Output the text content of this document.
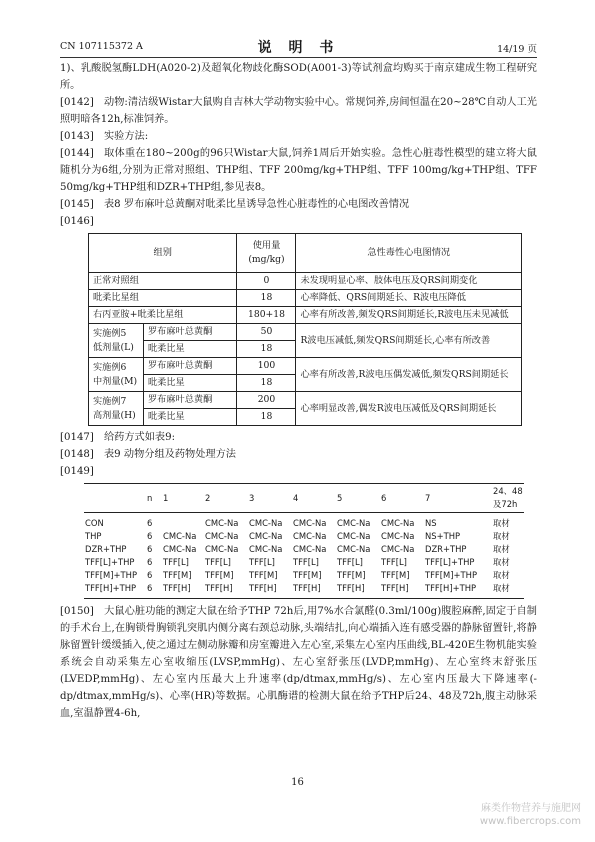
CN 107115372 A	说 明 书	14/19 页

1)、乳酸脱氢酶LDH(A020-2)及超氧化物歧化酶SOD(A001-3)等试剂盒均购买于南京建成生物工程研究所。

[0142] 动物:清洁级Wistar大鼠购自吉林大学动物实验中心。常规饲养,房间恒温在20~28℃自动人工光照明暗各12h,标准饲养。

[0143] 实验方法:

[0144] 取体重在180~200g的96只Wistar大鼠,饲养1周后开始实验。急性心脏毒性模型的建立将大鼠随机分为6组,分别为正常对照组、THP组、TFF 200mg/kg+THP组、TFF 100mg/kg+THP组、TFF 50mg/kg+THP组和DZR+THP组,参见表8。

[0145] 表8 罗布麻叶总黄酮对吡柔比星诱导急性心脏毒性的心电图改善情况

[0146]

组别		使用量
(mg/kg)	急性毒性心电图情况
正常对照组		0	未发现明显心率、肢体电压及QRS间期变化
吡柔比星组		18	心率降低、QRS间期延长、R波电压降低
右丙亚胺+吡柔比星组		180+18	心率有所改善,频发QRS间期延长,R波电压未见减低
实施例5
低剂量(L)	罗布麻叶总黄酮	50	R波电压减低,频发QRS间期延长,心率有所改善
	吡柔比星	18	
实施例6
中剂量(M)	罗布麻叶总黄酮	100	心率有所改善,R波电压偶发减低,频发QRS间期延长
	吡柔比星	18	
实施例7
高剂量(H)	罗布麻叶总黄酮	200	心率明显改善,偶发R波电压减低及QRS间期延长
	吡柔比星	18	

[0147] 给药方式如表9:

[0148] 表9 动物分组及药物处理方法

[0149]

	n	1	2	3	4	5	6	7	24、48
及72h
CON	6		CMC-Na	CMC-Na	CMC-Na	CMC-Na	CMC-Na	NS	取材
THP	6	CMC-Na	CMC-Na	CMC-Na	CMC-Na	CMC-Na	CMC-Na	NS+THP	取材
DZR+THP	6	CMC-Na	CMC-Na	CMC-Na	CMC-Na	CMC-Na	CMC-Na	DZR+THP	取材
TFF[L]+THP	6	TFF[L]	TFF[L]	TFF[L]	TFF[L]	TFF[L]	TFF[L]	TFF[L]+THP	取材
TFF[M]+THP	6	TFF[M]	TFF[M]	TFF[M]	TFF[M]	TFF[M]	TFF[M]	TFF[M]+THP	取材
TFF[H]+THP	6	TFF[H]	TFF[H]	TFF[H]	TFF[H]	TFF[H]	TFF[H]	TFF[H]+THP	取材

[0150] 大鼠心脏功能的测定大鼠在给予THP 72h后,用7%水合氯醛(0.3ml/100g)腹腔麻醉,固定于自制的手术台上,在胸锁骨胸锁乳突肌内侧分离右颈总动脉,头端结扎,向心端插入连有感受器的静脉留置针,将静脉留置针缓缓插入,使之通过左侧动脉瓣和房室瓣进入左心室,采集左心室内压曲线,BL-420E生物机能实验系统会自动采集左心室收缩压(LVSP,mmHg)、左心室舒张压(LVDP,mmHg)、左心室终末舒张压(LVEDP,mmHg)、左心室内压最大上升速率(dp/dtmax,mmHg/s)、左心室内压最大下降速率(-dp/dtmax,mmHg/s)、心率(HR)等数据。心肌酶谱的检测大鼠在给予THP后24、48及72h,腹主动脉采血,室温静置4-6h,

16
麻类作物营养与施肥网
www.fibercrops.com
